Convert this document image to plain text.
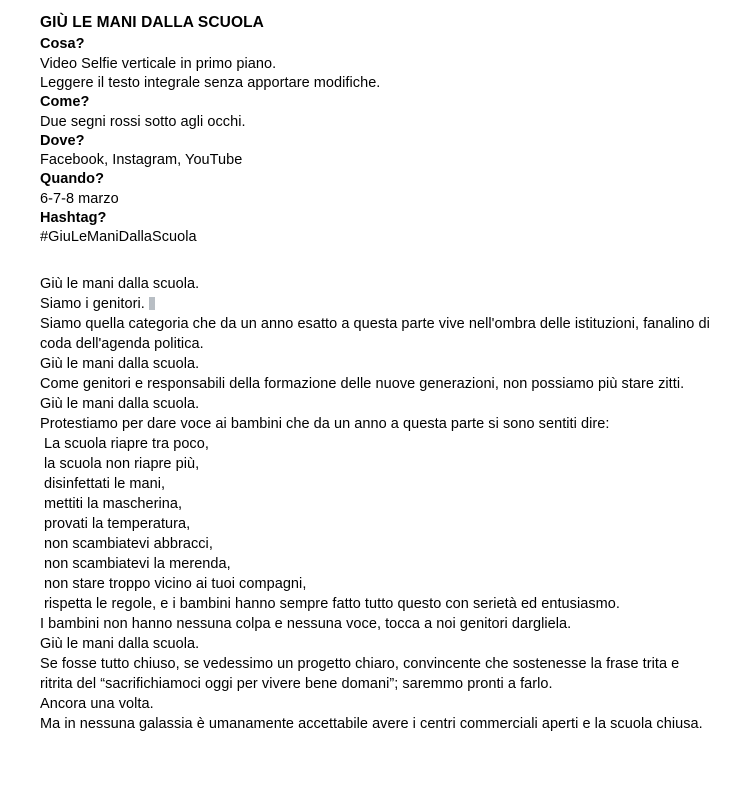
GIÙ LE MANI DALLA SCUOLA
Cosa?
Video Selfie verticale in primo piano.
Leggere il testo integrale senza apportare modifiche.
Come?
Due segni rossi sotto agli occhi.
Dove?
Facebook, Instagram, YouTube
Quando?
6-7-8 marzo
Hashtag?
#GiuLeManiDallaScuola
Giù le mani dalla scuola.
Siamo i genitori.
Siamo quella categoria che da un anno esatto a questa parte vive nell'ombra delle istituzioni, fanalino di coda dell'agenda politica.
Giù le mani dalla scuola.
Come genitori e responsabili della formazione delle nuove generazioni, non possiamo più stare zitti.
Giù le mani dalla scuola.
Protestiamo per dare voce ai bambini che da un anno a questa parte si sono sentiti dire:
La scuola riapre tra poco,
la scuola non riapre più,
disinfettati le mani,
mettiti la mascherina,
provati la temperatura,
non scambiatevi abbracci,
non scambiatevi la merenda,
non stare troppo vicino ai tuoi compagni,
rispetta le regole, e i bambini hanno sempre fatto tutto questo con serietà ed entusiasmo.
I bambini non hanno nessuna colpa e nessuna voce, tocca a noi genitori dargliela.
Giù le mani dalla scuola.
Se fosse tutto chiuso, se vedessimo un progetto chiaro, convincente che sostenesse la frase trita e ritrita del “sacrifichiamoci oggi per vivere bene domani”; saremmo pronti a farlo.
Ancora una volta.
Ma in nessuna galassia è umanamente accettabile avere i centri commerciali aperti e la scuola chiusa.
